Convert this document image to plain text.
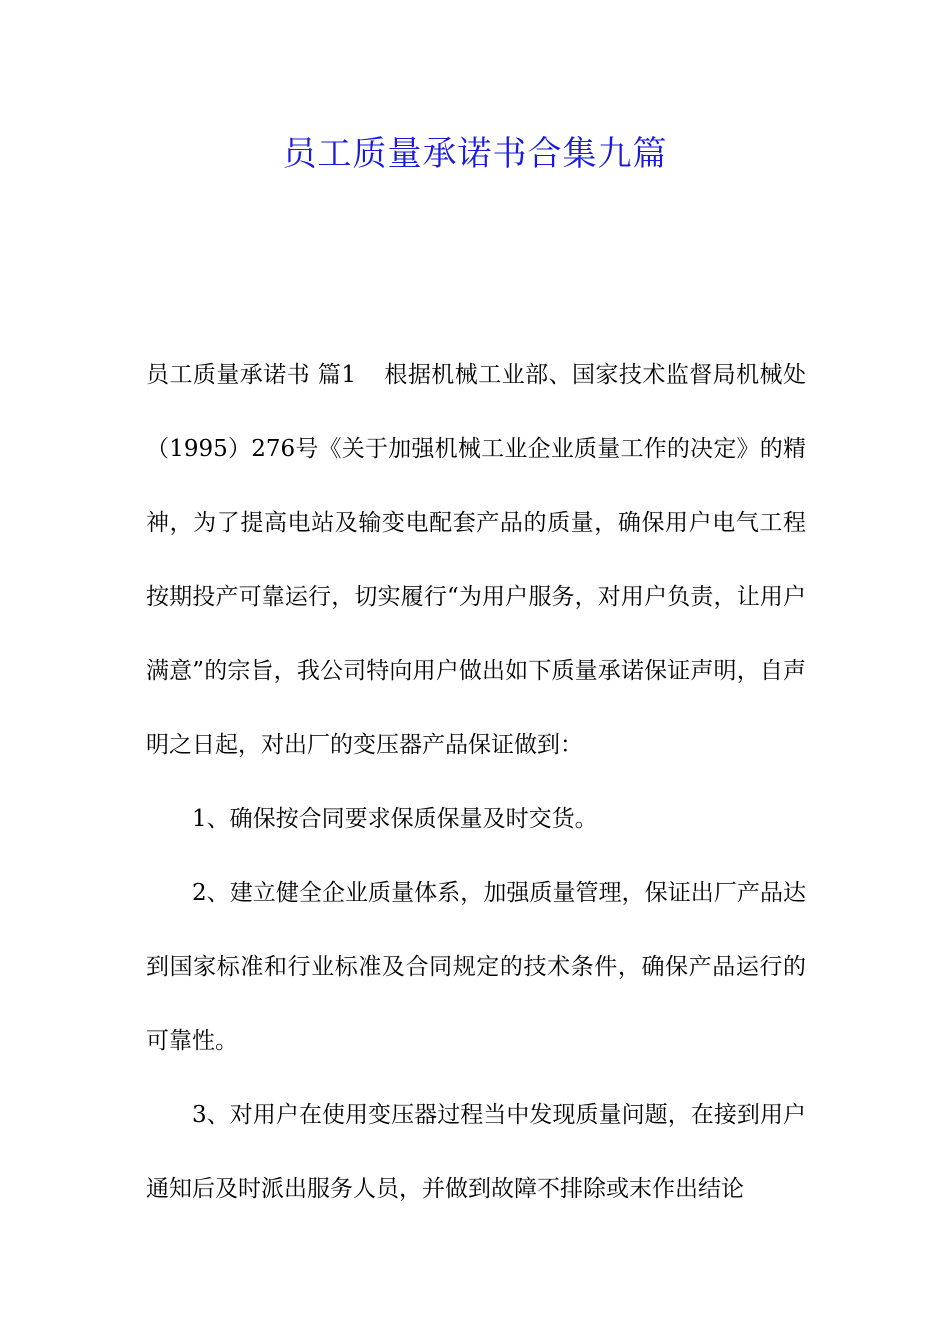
员工质量承诺书合集九篇

员工质量承诺书 篇1 根据机械工业部、国家技术监督局机械处（1995）276号《关于加强机械工业企业质量工作的决定》的精神，为了提高电站及输变电配套产品的质量，确保用户电气工程按期投产可靠运行，切实履行“为用户服务，对用户负责，让用户满意”的宗旨，我公司特向用户做出如下质量承诺保证声明，自声明之日起，对出厂的变压器产品保证做到：

1、确保按合同要求保质保量及时交货。

2、建立健全企业质量体系，加强质量管理，保证出厂产品达到国家标准和行业标准及合同规定的技术条件，确保产品运行的可靠性。

3、对用户在使用变压器过程当中发现质量问题，在接到用户通知后及时派出服务人员，并做到故障不排除或末作出结论
